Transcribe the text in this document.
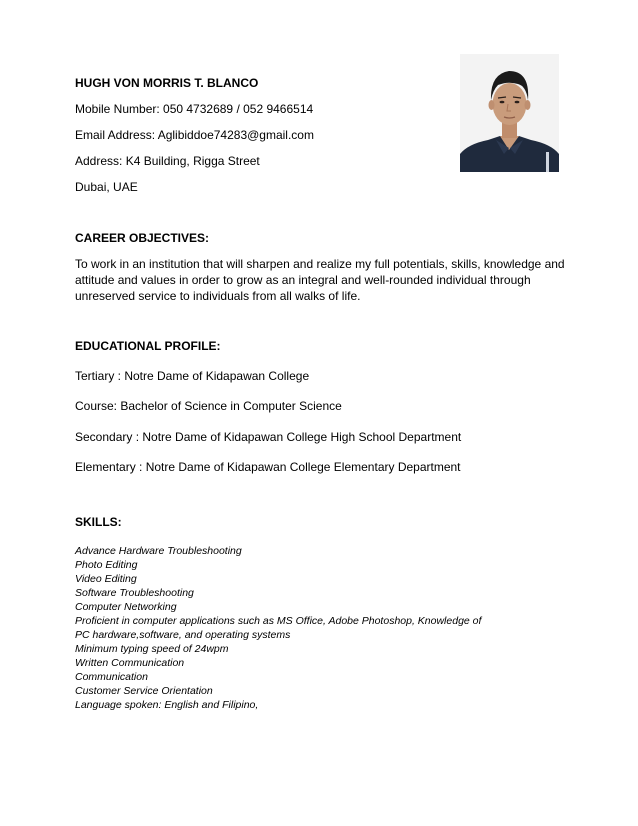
HUGH VON MORRIS T. BLANCO
Mobile Number: 050 4732689 / 052 9466514
Email Address: Aglibiddoe74283@gmail.com
Address: K4 Building, Rigga Street
Dubai, UAE
CAREER OBJECTIVES:
To work in an institution that will sharpen and realize my full potentials, skills, knowledge and
attitude and values in order to grow as an integral and well-rounded individual through
unreserved service to individuals from all walks of life.
EDUCATIONAL PROFILE:
Tertiary : Notre Dame of Kidapawan College
Course: Bachelor of Science in Computer Science
Secondary : Notre Dame of Kidapawan College High School Department
Elementary : Notre Dame of Kidapawan College Elementary Department
SKILLS:
Advance Hardware Troubleshooting
Photo Editing
Video Editing
Software Troubleshooting
Computer Networking
Proficient in computer applications such as MS Office, Adobe Photoshop, Knowledge of
PC hardware,software, and operating systems
Minimum typing speed of 24wpm
Written Communication
Communication
Customer Service Orientation
Language spoken: English and Filipino,
